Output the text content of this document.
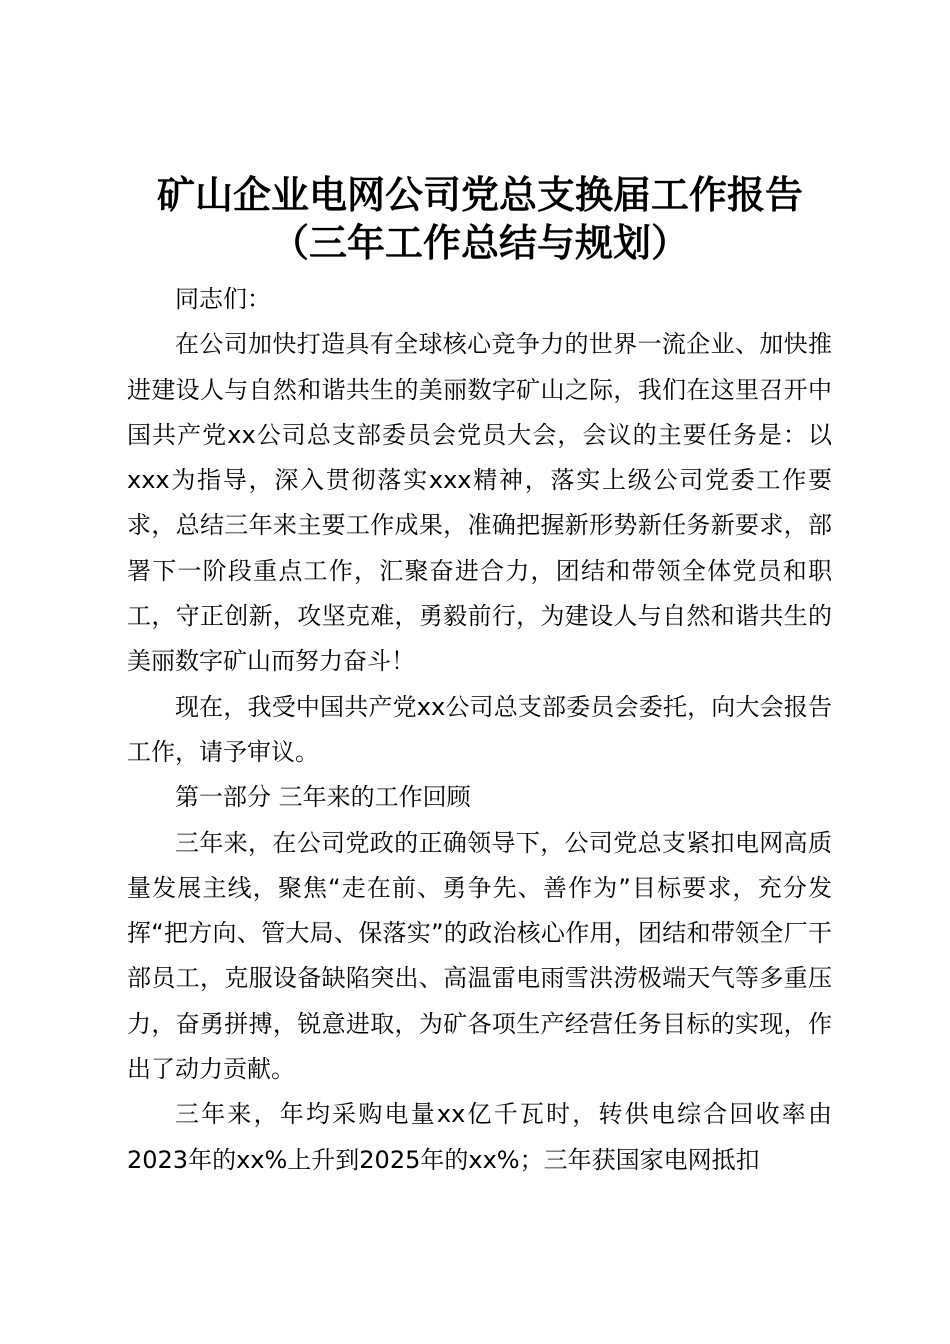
矿山企业电网公司党总支换届工作报告
（三年工作总结与规划）

同志们：

在公司加快打造具有全球核心竞争力的世界一流企业、加快推进建设人与自然和谐共生的美丽数字矿山之际，我们在这里召开中国共产党xx公司总支部委员会党员大会，会议的主要任务是：以xxx为指导，深入贯彻落实xxx精神，落实上级公司党委工作要求，总结三年来主要工作成果，准确把握新形势新任务新要求，部署下一阶段重点工作，汇聚奋进合力，团结和带领全体党员和职工，守正创新，攻坚克难，勇毅前行，为建设人与自然和谐共生的美丽数字矿山而努力奋斗！

现在，我受中国共产党xx公司总支部委员会委托，向大会报告工作，请予审议。

第一部分 三年来的工作回顾

三年来，在公司党政的正确领导下，公司党总支紧扣电网高质量发展主线，聚焦“走在前、勇争先、善作为”目标要求，充分发挥“把方向、管大局、保落实”的政治核心作用，团结和带领全厂干部员工，克服设备缺陷突出、高温雷电雨雪洪涝极端天气等多重压力，奋勇拼搏，锐意进取，为矿各项生产经营任务目标的实现，作出了动力贡献。

三年来，年均采购电量xx亿千瓦时，转供电综合回收率由2023年的xx%上升到2025年的xx%；三年获国家电网抵扣
